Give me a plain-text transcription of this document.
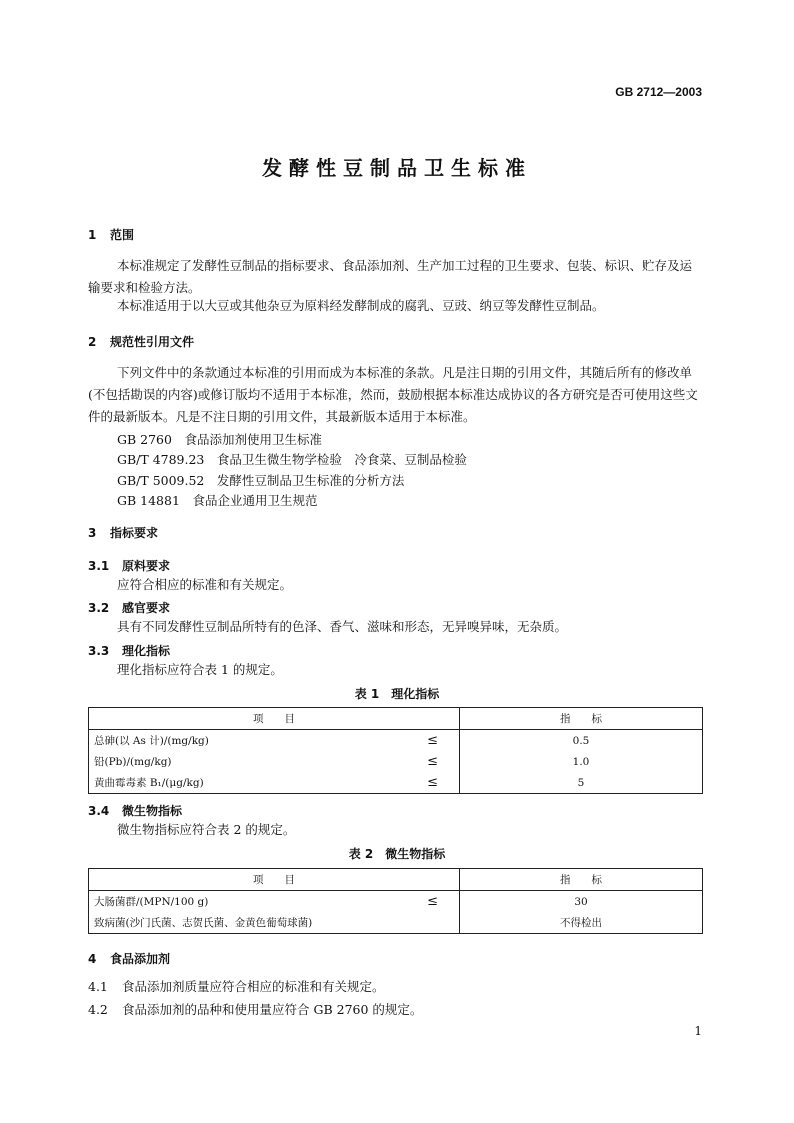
GB 2712—2003
发酵性豆制品卫生标准
1 范围
本标准规定了发酵性豆制品的指标要求、食品添加剂、生产加工过程的卫生要求、包装、标识、贮存及运输要求和检验方法。
本标准适用于以大豆或其他杂豆为原料经发酵制成的腐乳、豆豉、纳豆等发酵性豆制品。
2 规范性引用文件
下列文件中的条款通过本标准的引用而成为本标准的条款。凡是注日期的引用文件，其随后所有的修改单(不包括勘误的内容)或修订版均不适用于本标准，然而，鼓励根据本标准达成协议的各方研究是否可使用这些文件的最新版本。凡是不注日期的引用文件，其最新版本适用于本标准。
GB 2760　 食品添加剂使用卫生标准
GB/T 4789.23　 食品卫生微生物学检验　冷食菜、豆制品检验
GB/T 5009.52　 发酵性豆制品卫生标准的分析方法
GB 14881　 食品企业通用卫生规范
3 指标要求
3.1 原料要求
应符合相应的标准和有关规定。
3.2 感官要求
具有不同发酵性豆制品所特有的色泽、香气、滋味和形态，无异嗅异味，无杂质。
3.3 理化指标
理化指标应符合表 1 的规定。
表 1　理化指标
项　　目	指　　标
总砷(以 As 计)/(mg/kg) ≤	0.5
铅(Pb)/(mg/kg) ≤	1.0
黄曲霉毒素 B₁/(μg/kg) ≤	5
3.4 微生物指标
微生物指标应符合表 2 的规定。
表 2　微生物指标
项　　目	指　　标
大肠菌群/(MPN/100 g) ≤	30
致病菌(沙门氏菌、志贺氏菌、金黄色葡萄球菌)	不得检出
4 食品添加剂
4.1 食品添加剂质量应符合相应的标准和有关规定。
4.2 食品添加剂的品种和使用量应符合 GB 2760 的规定。
1
